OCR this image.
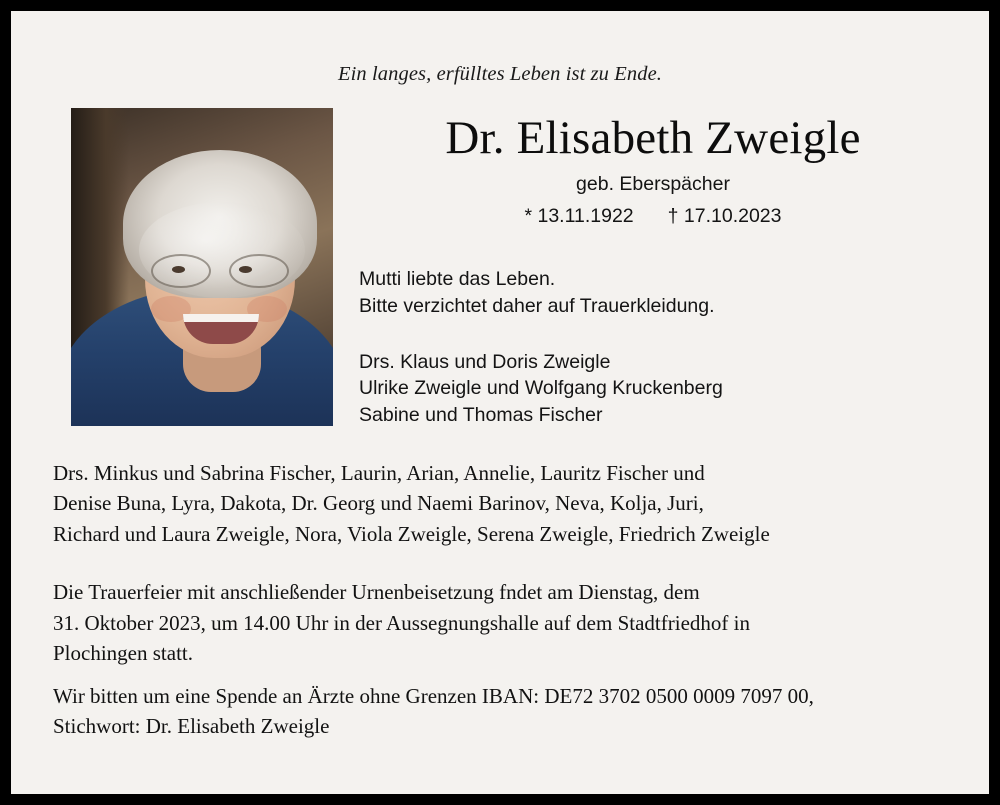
Ein langes, erfülltes Leben ist zu Ende.
Dr. Elisabeth Zweigle
geb. Eberspächer
* 13.11.1922 † 17.10.2023
Mutti liebte das Leben.
Bitte verzichtet daher auf Trauerkleidung.
Drs. Klaus und Doris Zweigle
Ulrike Zweigle und Wolfgang Kruckenberg
Sabine und Thomas Fischer
Drs. Minkus und Sabrina Fischer, Laurin, Arian, Annelie, Lauritz Fischer und
Denise Buna, Lyra, Dakota, Dr. Georg und Naemi Barinov, Neva, Kolja, Juri,
Richard und Laura Zweigle, Nora, Viola Zweigle, Serena Zweigle, Friedrich Zweigle
Die Trauerfeier mit anschließender Urnenbeisetzung fndet am Dienstag, dem
31. Oktober 2023, um 14.00 Uhr in der Aussegnungshalle auf dem Stadtfriedhof in
Plochingen statt.
Wir bitten um eine Spende an Ärzte ohne Grenzen IBAN: DE72 3702 0500 0009 7097 00,
Stichwort: Dr. Elisabeth Zweigle
